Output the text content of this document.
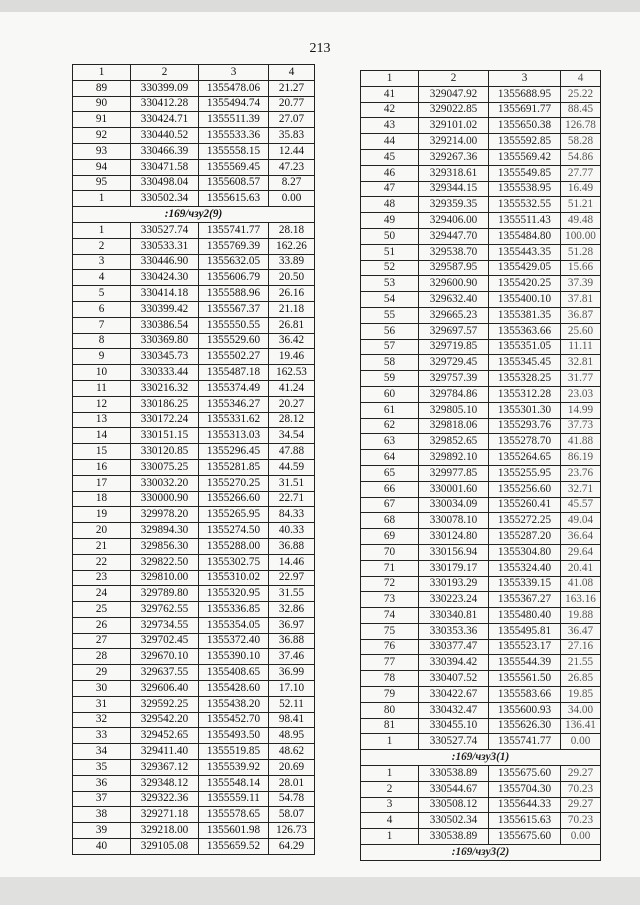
213
1	2	3	4
89	330399.09	1355478.06	21.27
90	330412.28	1355494.74	20.77
91	330424.71	1355511.39	27.07
92	330440.52	1355533.36	35.83
93	330466.39	1355558.15	12.44
94	330471.58	1355569.45	47.23
95	330498.04	1355608.57	8.27
1	330502.34	1355615.63	0.00
:169/чзу2(9)			
1	330527.74	1355741.77	28.18
2	330533.31	1355769.39	162.26
3	330446.90	1355632.05	33.89
4	330424.30	1355606.79	20.50
5	330414.18	1355588.96	26.16
6	330399.42	1355567.37	21.18
7	330386.54	1355550.55	26.81
8	330369.80	1355529.60	36.42
9	330345.73	1355502.27	19.46
10	330333.44	1355487.18	162.53
11	330216.32	1355374.49	41.24
12	330186.25	1355346.27	20.27
13	330172.24	1355331.62	28.12
14	330151.15	1355313.03	34.54
15	330120.85	1355296.45	47.88
16	330075.25	1355281.85	44.59
17	330032.20	1355270.25	31.51
18	330000.90	1355266.60	22.71
19	329978.20	1355265.95	84.33
20	329894.30	1355274.50	40.33
21	329856.30	1355288.00	36.88
22	329822.50	1355302.75	14.46
23	329810.00	1355310.02	22.97
24	329789.80	1355320.95	31.55
25	329762.55	1355336.85	32.86
26	329734.55	1355354.05	36.97
27	329702.45	1355372.40	36.88
28	329670.10	1355390.10	37.46
29	329637.55	1355408.65	36.99
30	329606.40	1355428.60	17.10
31	329592.25	1355438.20	52.11
32	329542.20	1355452.70	98.41
33	329452.65	1355493.50	48.95
34	329411.40	1355519.85	48.62
35	329367.12	1355539.92	20.69
36	329348.12	1355548.14	28.01
37	329322.36	1355559.11	54.78
38	329271.18	1355578.65	58.07
39	329218.00	1355601.98	126.73
40	329105.08	1355659.52	64.29
1	2	3	4
41	329047.92	1355688.95	25.22
42	329022.85	1355691.77	88.45
43	329101.02	1355650.38	126.78
44	329214.00	1355592.85	58.28
45	329267.36	1355569.42	54.86
46	329318.61	1355549.85	27.77
47	329344.15	1355538.95	16.49
48	329359.35	1355532.55	51.21
49	329406.00	1355511.43	49.48
50	329447.70	1355484.80	100.00
51	329538.70	1355443.35	51.28
52	329587.95	1355429.05	15.66
53	329600.90	1355420.25	37.39
54	329632.40	1355400.10	37.81
55	329665.23	1355381.35	36.87
56	329697.57	1355363.66	25.60
57	329719.85	1355351.05	11.11
58	329729.45	1355345.45	32.81
59	329757.39	1355328.25	31.77
60	329784.86	1355312.28	23.03
61	329805.10	1355301.30	14.99
62	329818.06	1355293.76	37.73
63	329852.65	1355278.70	41.88
64	329892.10	1355264.65	86.19
65	329977.85	1355255.95	23.76
66	330001.60	1355256.60	32.71
67	330034.09	1355260.41	45.57
68	330078.10	1355272.25	49.04
69	330124.80	1355287.20	36.64
70	330156.94	1355304.80	29.64
71	330179.17	1355324.40	20.41
72	330193.29	1355339.15	41.08
73	330223.24	1355367.27	163.16
74	330340.81	1355480.40	19.88
75	330353.36	1355495.81	36.47
76	330377.47	1355523.17	27.16
77	330394.42	1355544.39	21.55
78	330407.52	1355561.50	26.85
79	330422.67	1355583.66	19.85
80	330432.47	1355600.93	34.00
81	330455.10	1355626.30	136.41
1	330527.74	1355741.77	0.00
:169/чзу3(1)			
1	330538.89	1355675.60	29.27
2	330544.67	1355704.30	70.23
3	330508.12	1355644.33	29.27
4	330502.34	1355615.63	70.23
1	330538.89	1355675.60	0.00
:169/чзу3(2)			
